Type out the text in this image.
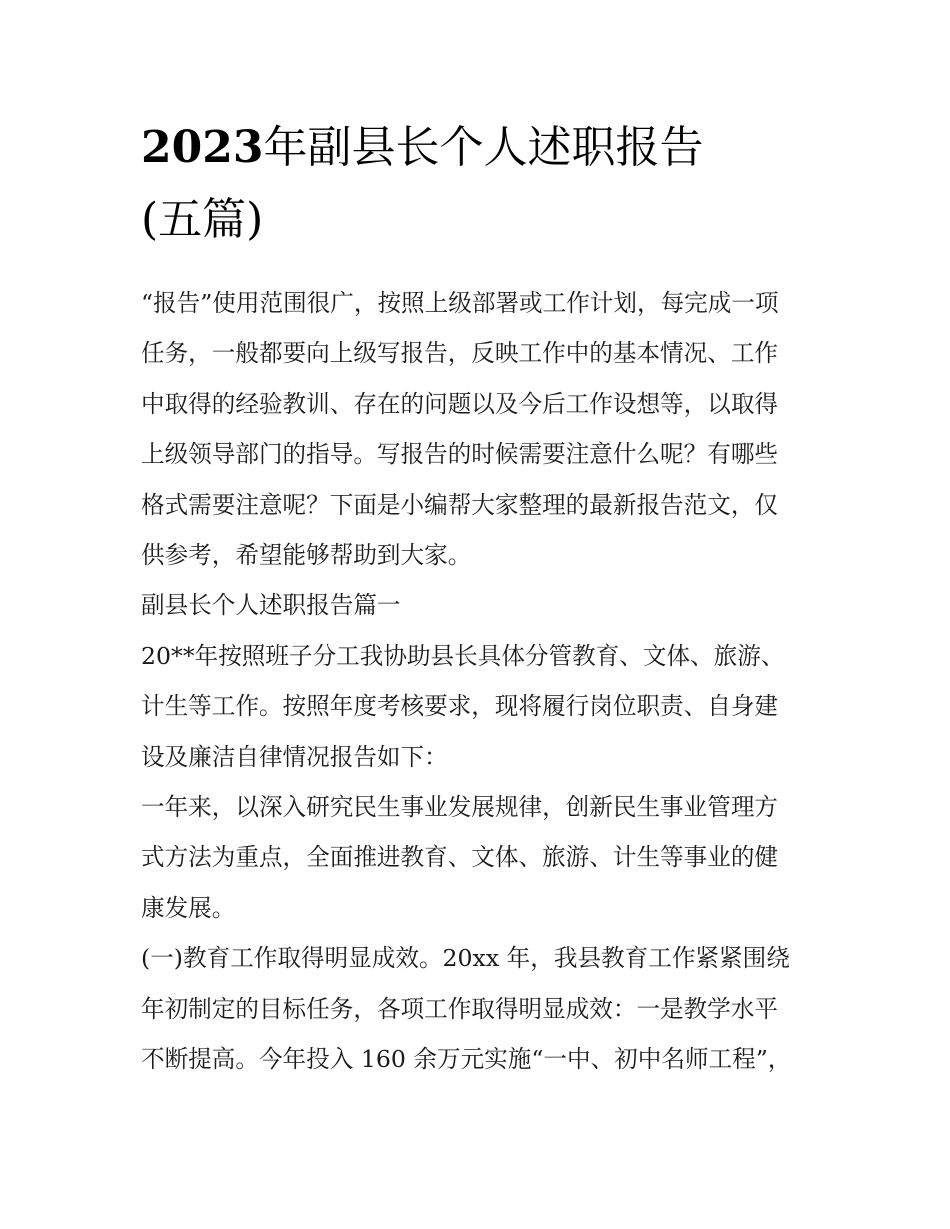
2023年副县长个人述职报告
(五篇)
“报告”使用范围很广，按照上级部署或工作计划，每完成一项
任务，一般都要向上级写报告，反映工作中的基本情况、工作
中取得的经验教训、存在的问题以及今后工作设想等，以取得
上级领导部门的指导。写报告的时候需要注意什么呢？有哪些
格式需要注意呢？下面是小编帮大家整理的最新报告范文，仅
供参考，希望能够帮助到大家。
副县长个人述职报告篇一
20**年按照班子分工我协助县长具体分管教育、文体、旅游、
计生等工作。按照年度考核要求，现将履行岗位职责、自身建
设及廉洁自律情况报告如下：
一年来，以深入研究民生事业发展规律，创新民生事业管理方
式方法为重点，全面推进教育、文体、旅游、计生等事业的健
康发展。
(一)教育工作取得明显成效。20xx 年，我县教育工作紧紧围绕
年初制定的目标任务，各项工作取得明显成效：一是教学水平
不断提高。今年投入 160 余万元实施“一中、初中名师工程”，
